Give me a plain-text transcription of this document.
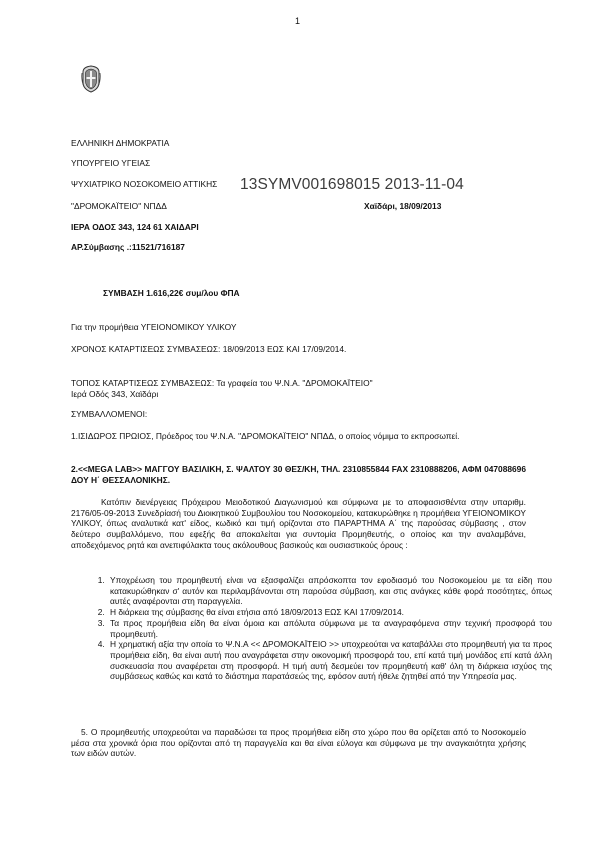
1
ΕΛΛΗΝΙΚΗ ΔΗΜΟΚΡΑΤΙΑ
ΥΠΟΥΡΓΕΙΟ ΥΓΕΙΑΣ
ΨΥΧΙΑΤΡΙΚΟ ΝΟΣΟΚΟΜΕΙΟ ΑΤΤΙΚΗΣ 13SYMV001698015 2013-11-04
"ΔΡΟΜΟΚΑΪΤΕΙΟ" ΝΠΔΔ	Χαϊδάρι, 18/09/2013
ΙΕΡΑ ΟΔΟΣ 343, 124 61 ΧΑΙΔΑΡΙ
ΑΡ.Σύμβασης .:11521/716187
ΣΥΜΒΑΣΗ 1.616,22€ συμ/λου ΦΠΑ
Για την προμήθεια ΥΓΕΙΟΝΟΜΙΚΟΥ ΥΛΙΚΟΥ
ΧΡΟΝΟΣ ΚΑΤΑΡΤΙΣΕΩΣ ΣΥΜΒΑΣΕΩΣ: 18/09/2013 ΕΩΣ ΚΑΙ 17/09/2014.
ΤΟΠΟΣ ΚΑΤΑΡΤΙΣΕΩΣ ΣΥΜΒΑΣΕΩΣ: Τα γραφεία του Ψ.Ν.Α. "ΔΡΟΜΟΚΑΪΤΕΙΟ"
Ιερά Οδός 343, Χαϊδάρι
ΣΥΜΒΑΛΛΟΜΕΝΟΙ:
1.ΙΣΙΔΩΡΟΣ ΠΡΩΙΟΣ, Πρόεδρος του Ψ.Ν.Α. "ΔΡΟΜΟΚΑΪΤΕΙΟ" ΝΠΔΔ, ο οποίος νόμιμα το εκπροσωπεί.
2.<<MEGA LAB>> ΜΑΓΓΟΥ ΒΑΣΙΛΙΚΗ, Σ. ΨΑΛΤΟΥ 30 ΘΕΣ/ΚΗ, ΤΗΛ. 2310855844 FAX 2310888206, ΑΦΜ 047088696 ΔΟΥ Η΄ ΘΕΣΣΑΛΟΝΙΚΗΣ.
Κατόπιν διενέργειας Πρόχειρου Μειοδοτικού Διαγωνισμού και σύμφωνα με το αποφασισθέντα στην υπαριθμ. 2176/05-09-2013 Συνεδρίασή του Διοικητικού Συμβουλίου του Νοσοκομείου, κατακυρώθηκε η προμήθεια ΥΓΕΙΟΝΟΜΙΚΟΥ ΥΛΙΚΟΥ, όπως αναλυτικά κατ' είδος, κωδικό και τιμή ορίζονται στο ΠΑΡΑΡΤΗΜΑ Α΄ της παρούσας σύμβασης , στον δεύτερο συμβαλλόμενο, που εφεξής θα αποκαλείται για συντομία Προμηθευτής, ο οποίος και την αναλαμβάνει, αποδεχόμενος ρητά και ανεπιφύλακτα τους ακόλουθους βασικούς και ουσιαστικούς όρους :
1. Υποχρέωση του προμηθευτή είναι να εξασφαλίζει απρόσκοπτα τον εφοδιασμό του Νοσοκομείου με τα είδη που κατακυρώθηκαν σ' αυτόν και περιλαμβάνονται στη παρούσα σύμβαση, και στις ανάγκες κάθε φορά ποσότητες, όπως αυτές αναφέρονται στη παραγγελία.
2. Η διάρκεια της σύμβασης θα είναι ετήσια από 18/09/2013 ΕΩΣ ΚΑΙ 17/09/2014.
3. Τα προς προμήθεια είδη θα είναι όμοια και απόλυτα σύμφωνα με τα αναγραφόμενα στην τεχνική προσφορά του προμηθευτή.
4. Η χρηματική αξία την οποία το Ψ.Ν.Α << ΔΡΟΜΟΚΑΪΤΕΙΟ >> υποχρεούται να καταβάλλει στο προμηθευτή για τα προς προμήθεια είδη, θα είναι αυτή που αναγράφεται στην οικονομική προσφορά του, επί κατά τιμή μονάδος επί κατά άλλη συσκευασία που αναφέρεται στη προσφορά. Η τιμή αυτή δεσμεύει τον προμηθευτή καθ' όλη τη διάρκεια ισχύος της συμβάσεως καθώς και κατά το διάστημα παρατάσεώς της, εφόσον αυτή ήθελε ζητηθεί από την Υπηρεσία μας.
5. Ο προμηθευτής υποχρεούται να παραδώσει τα προς προμήθεια είδη στο χώρο που θα ορίζεται από το Νοσοκομείο μέσα στα χρονικά όρια που ορίζονται από τη παραγγελία και θα είναι εύλογα και σύμφωνα με την αναγκαιότητα χρήσης των ειδών αυτών.
